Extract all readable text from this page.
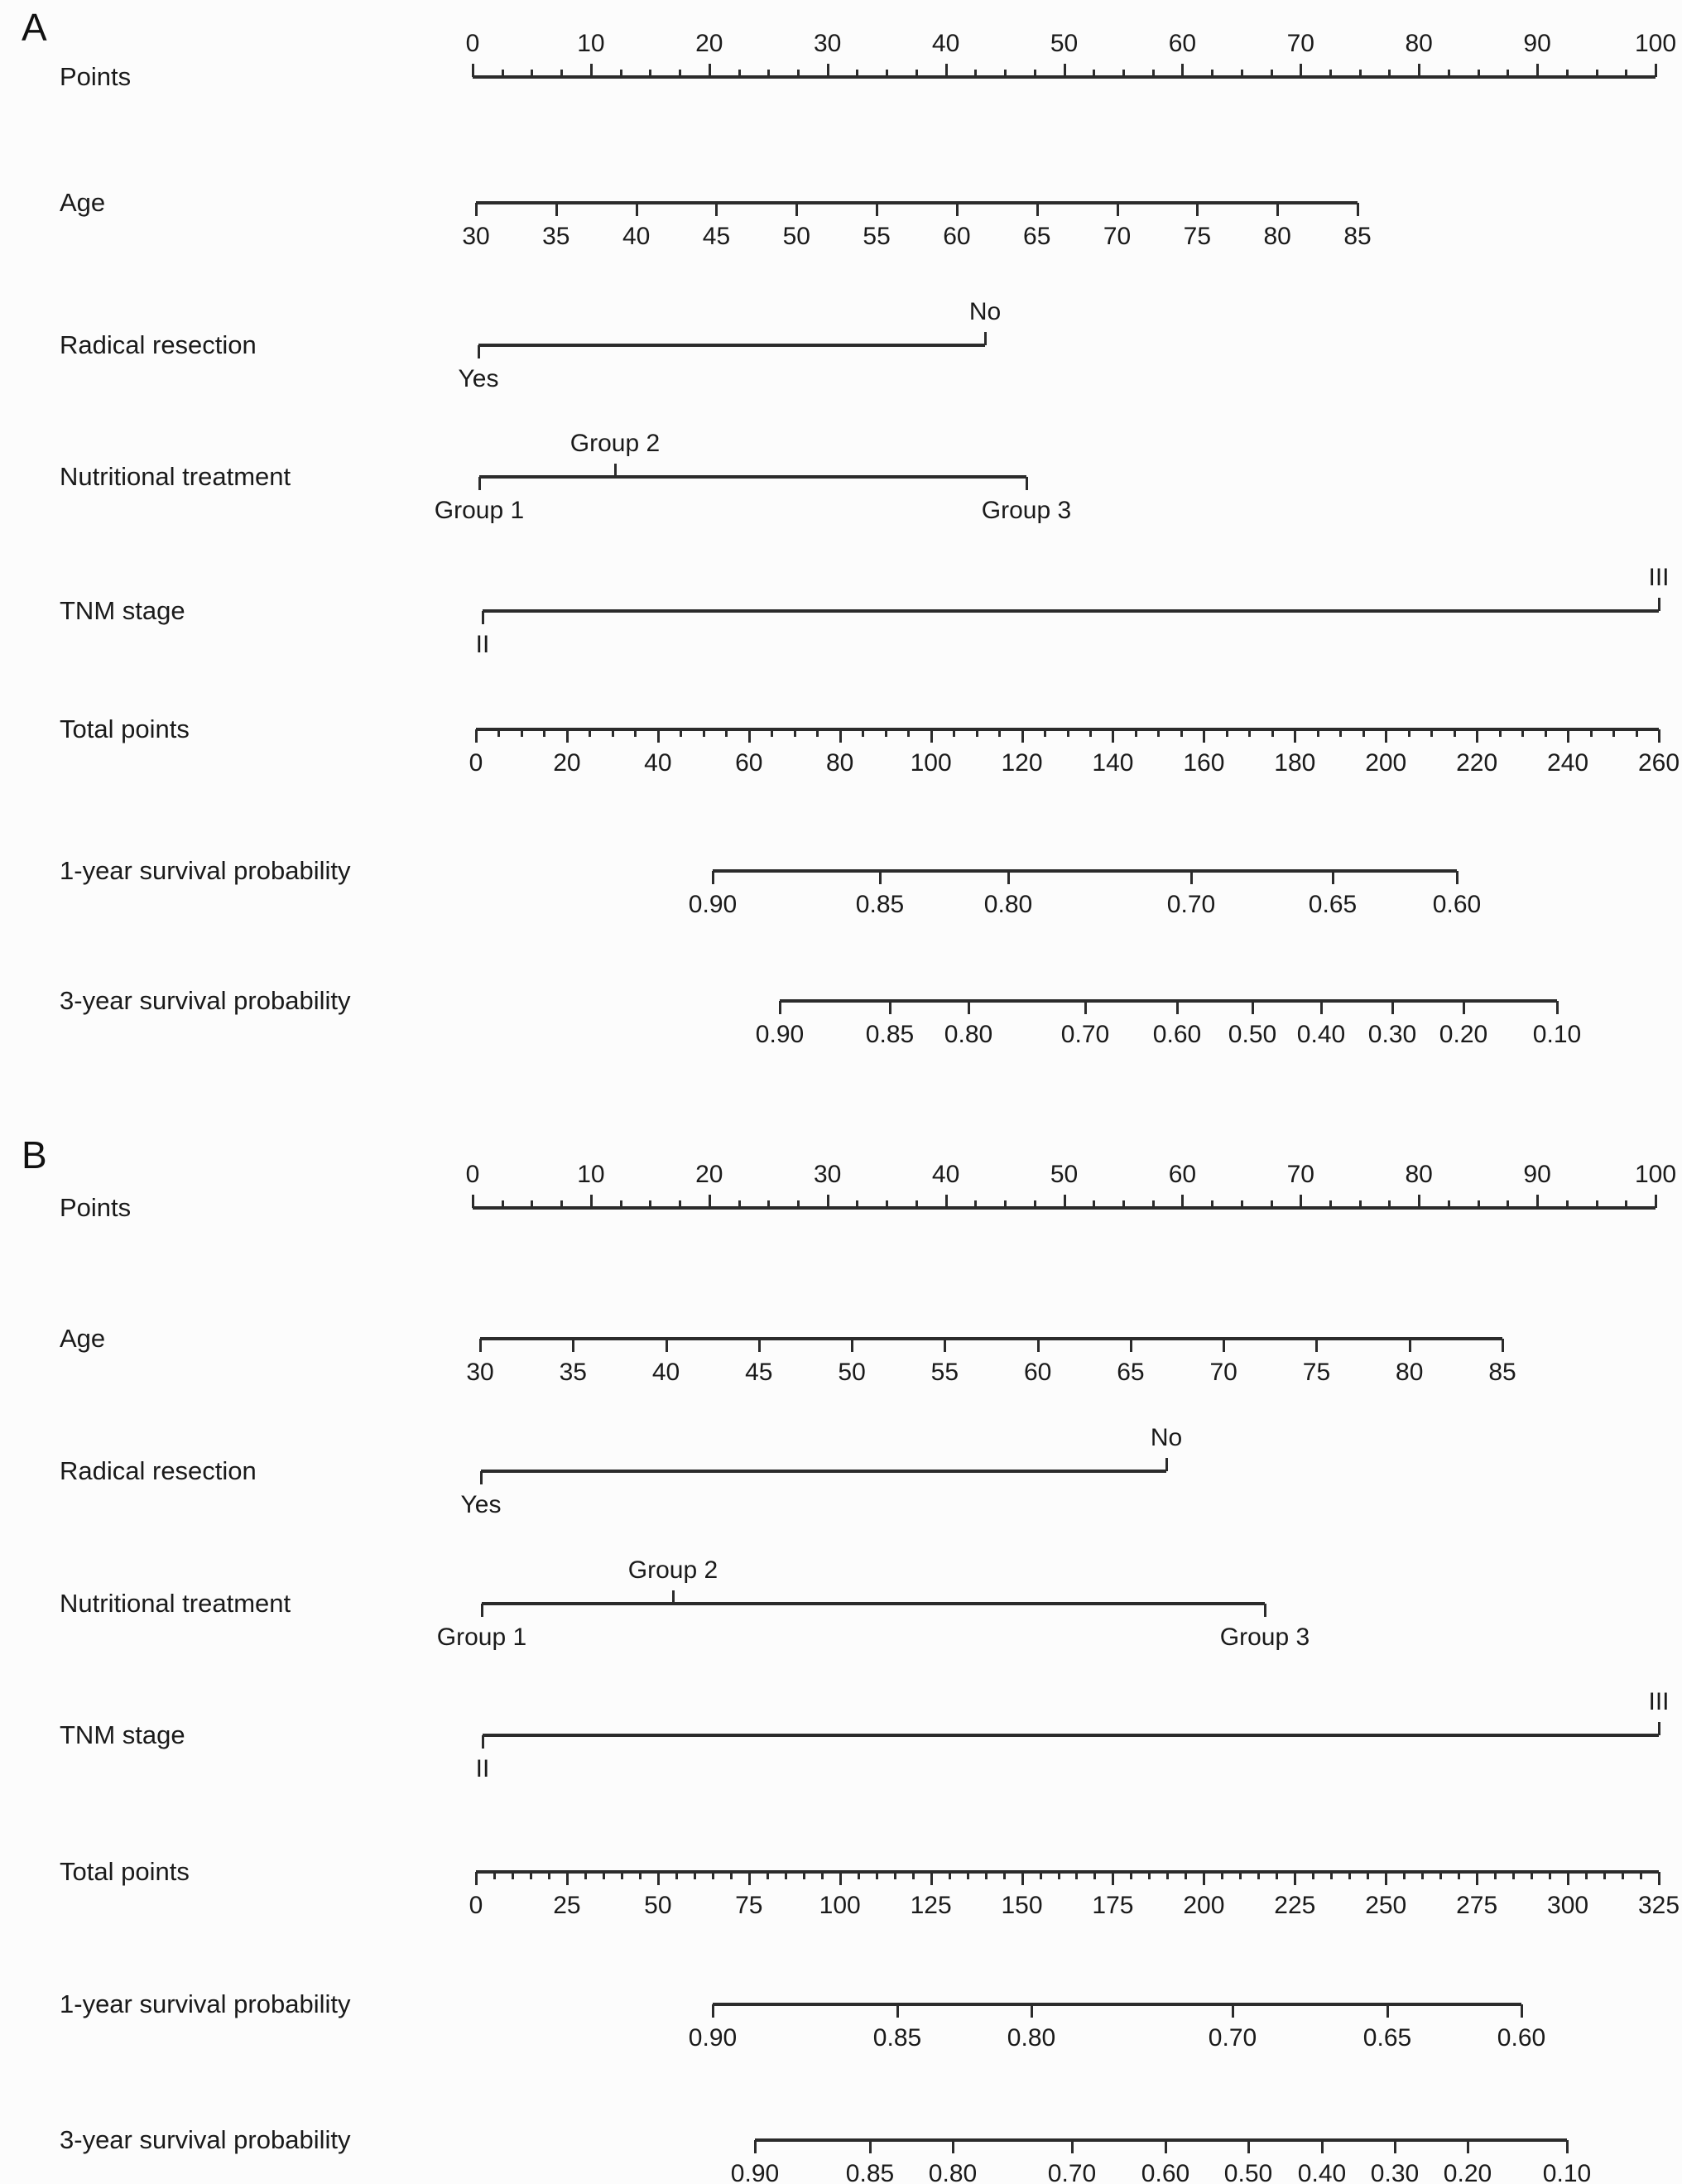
A
B
Points
0	10	20	30	40	50	60	70	80	90	100
Age
30 35 40 45 50 55 60 65 70 75 80 85
Radical resection
Yes
No
Nutritional treatment
Group 1
Group 2
Group 3
TNM stage
II
III
Total points
0	20	40	60	80 100 120 140 160 180 200 220 240 260
1-year survival probability
0.90	0.85	0.80	0.70	0.65	0.60
3-year survival probability
0.90 0.85 0.80	0.70 0.60 0.50 0.40 0.30 0.20 0.10
Points
0	10	20	30	40	50	60	70	80	90	100
Age
30	35	40	45	50	55	60	65	70	75	80	85
Radical resection
Yes
No
Nutritional treatment
Group 1
Group 2
Group 3
TNM stage
II
III
Total points
0	25	50	75 100 125 150 175 200 225 250 275 300 325
1-year survival probability
0.90	0.85	0.80	0.70	0.65	0.60
3-year survival probability
0.90	0.85 0.80	0.70 0.60 0.50 0.40 0.30 0.20 0.10
